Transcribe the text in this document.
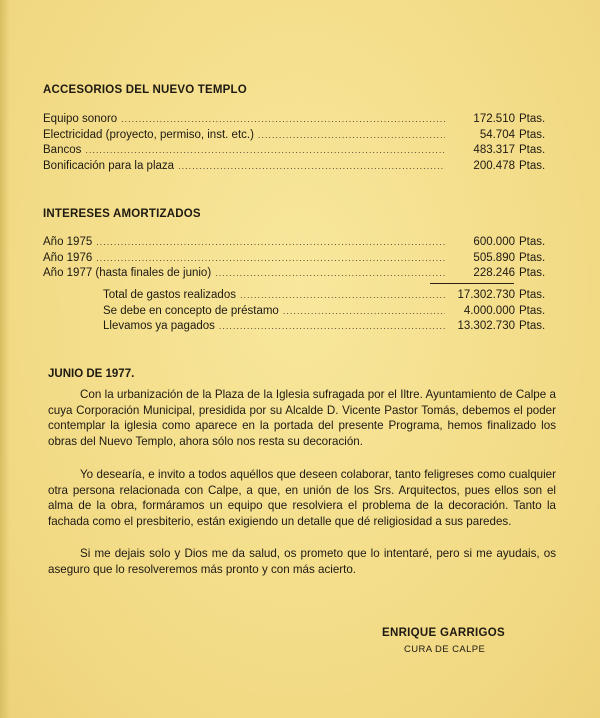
ACCESORIOS DEL NUEVO TEMPLO
Equipo sonoro .....	172.510 Ptas.
Electricidad (proyecto, permiso, inst. etc.) .....	54.704 Ptas.
Bancos .....	483.317 Ptas.
Bonificación para la plaza .....	200.478 Ptas.
INTERESES AMORTIZADOS
Año 1975 .....	600.000 Ptas.
Año 1976 .....	505.890 Ptas.
Año 1977 (hasta finales de junio) .....	228.246 Ptas.
Total de gastos realizados .....	17.302.730 Ptas.
Se debe en concepto de préstamo .....	4.000.000 Ptas.
Llevamos ya pagados .....	13.302.730 Ptas.
JUNIO DE 1977.

Con la urbanización de la Plaza de la Iglesia sufragada por el Iltre. Ayuntamiento de Calpe a cuya Corporación Municipal, presidida por su Alcalde D. Vicente Pastor Tomás, debemos el poder contemplar la iglesia como aparece en la portada del presente Programa, hemos finalizado los obras del Nuevo Templo, ahora sólo nos resta su decoración.

Yo desearía, e invito a todos aquéllos que deseen colaborar, tanto feligreses como cualquier otra persona relacionada con Calpe, a que, en unión de los Srs. Arquitectos, pues ellos son el alma de la obra, formáramos un equipo que resolviera el problema de la decoración. Tanto la fachada como el presbiterio, están exigiendo un detalle que dé religiosidad a sus paredes.

Si me dejais solo y Dios me da salud, os prometo que lo intentaré, pero si me ayudais, os aseguro que lo resolveremos más pronto y con más acierto.

ENRIQUE GARRIGOS
CURA DE CALPE
